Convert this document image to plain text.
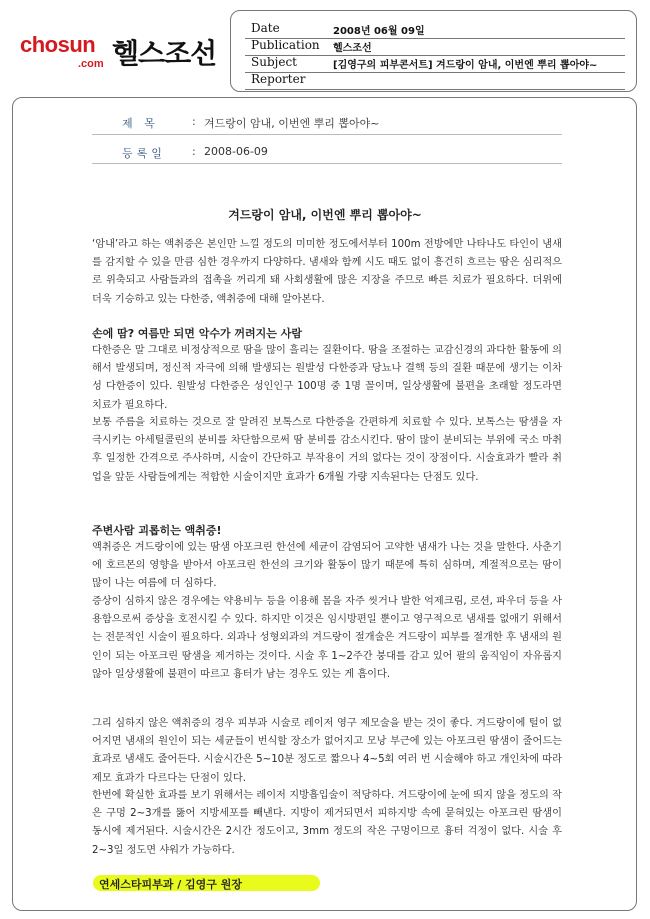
chosun
.com 헬스조선
Date	2008년 06월 09일
Publication 헬스조선
Subject	[김영구의 피부콘서트] 겨드랑이 암내, 이번엔 뿌리 뽑아야~
Reporter
제 목	: 겨드랑이 암내, 이번엔 뿌리 뽑아야~
등록일 : 2008-06-09
겨드랑이 암내, 이번엔 뿌리 뽑아야~

‘암내’라고 하는 액취증은 본인만 느낄 정도의 미미한 정도에서부터 100m 전방에만 나타나도 타인이 냄새를 감지할 수 있을 만큼 심한 경우까지 다양하다. 냄새와 함께 시도 때도 없이 흥건히 흐르는 땀은 심리적으로 위축되고 사람들과의 접촉을 꺼리게 돼 사회생활에 많은 지장을 주므로 빠른 치료가 필요하다. 더위에 더욱 기승하고 있는 다한증, 액취증에 대해 알아본다.

손에 땀? 여름만 되면 악수가 꺼려지는 사람

다한증은 말 그대로 비정상적으로 땀을 많이 흘리는 질환이다. 땀을 조절하는 교감신경의 과다한 활동에 의해서 발생되며, 정신적 자극에 의해 발생되는 원발성 다한증과 당뇨나 결핵 등의 질환 때문에 생기는 이차성 다한증이 있다. 원발성 다한증은 성인인구 100명 중 1명 꼴이며, 일상생활에 불편을 초래할 정도라면 치료가 필요하다.

보통 주름을 치료하는 것으로 잘 알려진 보톡스로 다한증을 간편하게 치료할 수 있다. 보톡스는 땀샘을 자극시키는 아세틸콜린의 분비를 차단함으로써 땀 분비를 감소시킨다. 땀이 많이 분비되는 부위에 국소 마취 후 일정한 간격으로 주사하며, 시술이 간단하고 부작용이 거의 없다는 것이 장점이다. 시술효과가 빨라 취업을 앞둔 사람들에게는 적합한 시술이지만 효과가 6개월 가량 지속된다는 단점도 있다.

주변사람 괴롭히는 액취증!

액취증은 겨드랑이에 있는 땀샘 아포크린 한선에 세균이 감염되어 고약한 냄새가 나는 것을 말한다. 사춘기에 호르몬의 영향을 받아서 아포크린 한선의 크기와 활동이 많기 때문에 특히 심하며, 계절적으로는 땀이 많이 나는 여름에 더 심하다.

증상이 심하지 않은 경우에는 약용비누 등을 이용해 몸을 자주 씻거나 발한 억제크림, 로션, 파우더 등을 사용함으로써 증상을 호전시킬 수 있다. 하지만 이것은 임시방편일 뿐이고 영구적으로 냄새를 없애기 위해서는 전문적인 시술이 필요하다. 외과나 성형외과의 겨드랑이 절개술은 겨드랑이 피부를 절개한 후 냄새의 원인이 되는 아포크린 땀샘을 제거하는 것이다. 시술 후 1~2주간 붕대를 감고 있어 팔의 움직임이 자유롭지 않아 일상생활에 불편이 따르고 흉터가 남는 경우도 있는 게 흠이다.

그리 심하지 않은 액취증의 경우 피부과 시술로 레이저 영구 제모술을 받는 것이 좋다. 겨드랑이에 털이 없어지면 냄새의 원인이 되는 세균들이 번식할 장소가 없어지고 모낭 부근에 있는 아포크린 땀샘이 줄어드는 효과로 냄새도 줄어든다. 시술시간은 5~10분 정도로 짧으나 4~5회 여러 번 시술해야 하고 개인차에 따라 제모 효과가 다르다는 단점이 있다.

한번에 확실한 효과를 보기 위해서는 레이저 지방흡입술이 적당하다. 겨드랑이에 눈에 띄지 않을 정도의 작은 구멍 2~3개를 뚫어 지방세포를 빼낸다. 지방이 제거되면서 피하지방 속에 묻혀있는 아포크린 땀샘이 동시에 제거된다. 시술시간은 2시간 정도이고, 3mm 정도의 작은 구멍이므로 흉터 걱정이 없다. 시술 후 2~3일 정도면 샤워가 가능하다.

연세스타피부과 / 김영구 원장
